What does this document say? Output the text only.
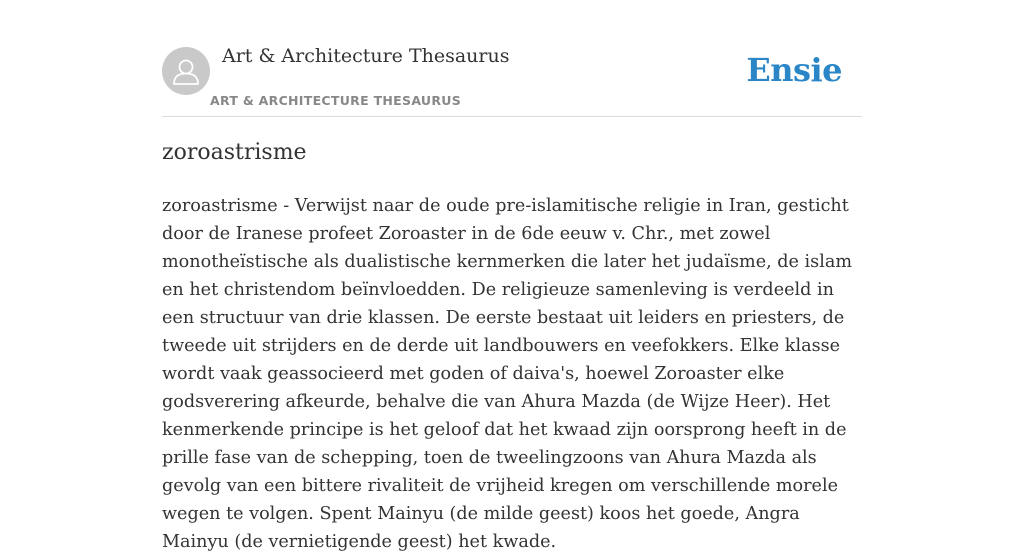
Art & Architecture Thesaurus
ART & ARCHITECTURE THESAURUS
Ensie
zoroastrisme

zoroastrisme - Verwijst naar de oude pre-islamitische religie in Iran, gesticht door de Iranese profeet Zoroaster in de 6de eeuw v. Chr., met zowel monotheïstische als dualistische kernmerken die later het judaïsme, de islam en het christendom beïnvloedden. De religieuze samenleving is verdeeld in een structuur van drie klassen. De eerste bestaat uit leiders en priesters, de tweede uit strijders en de derde uit landbouwers en veefokkers. Elke klasse wordt vaak geassocieerd met goden of daiva's, hoewel Zoroaster elke godsverering afkeurde, behalve die van Ahura Mazda (de Wijze Heer). Het kenmerkende principe is het geloof dat het kwaad zijn oorsprong heeft in de prille fase van de schepping, toen de tweelingzoons van Ahura Mazda als gevolg van een bittere rivaliteit de vrijheid kregen om verschillende morele wegen te volgen. Spent Mainyu (de milde geest) koos het goede, Angra Mainyu (de vernietigende geest) het kwade.
